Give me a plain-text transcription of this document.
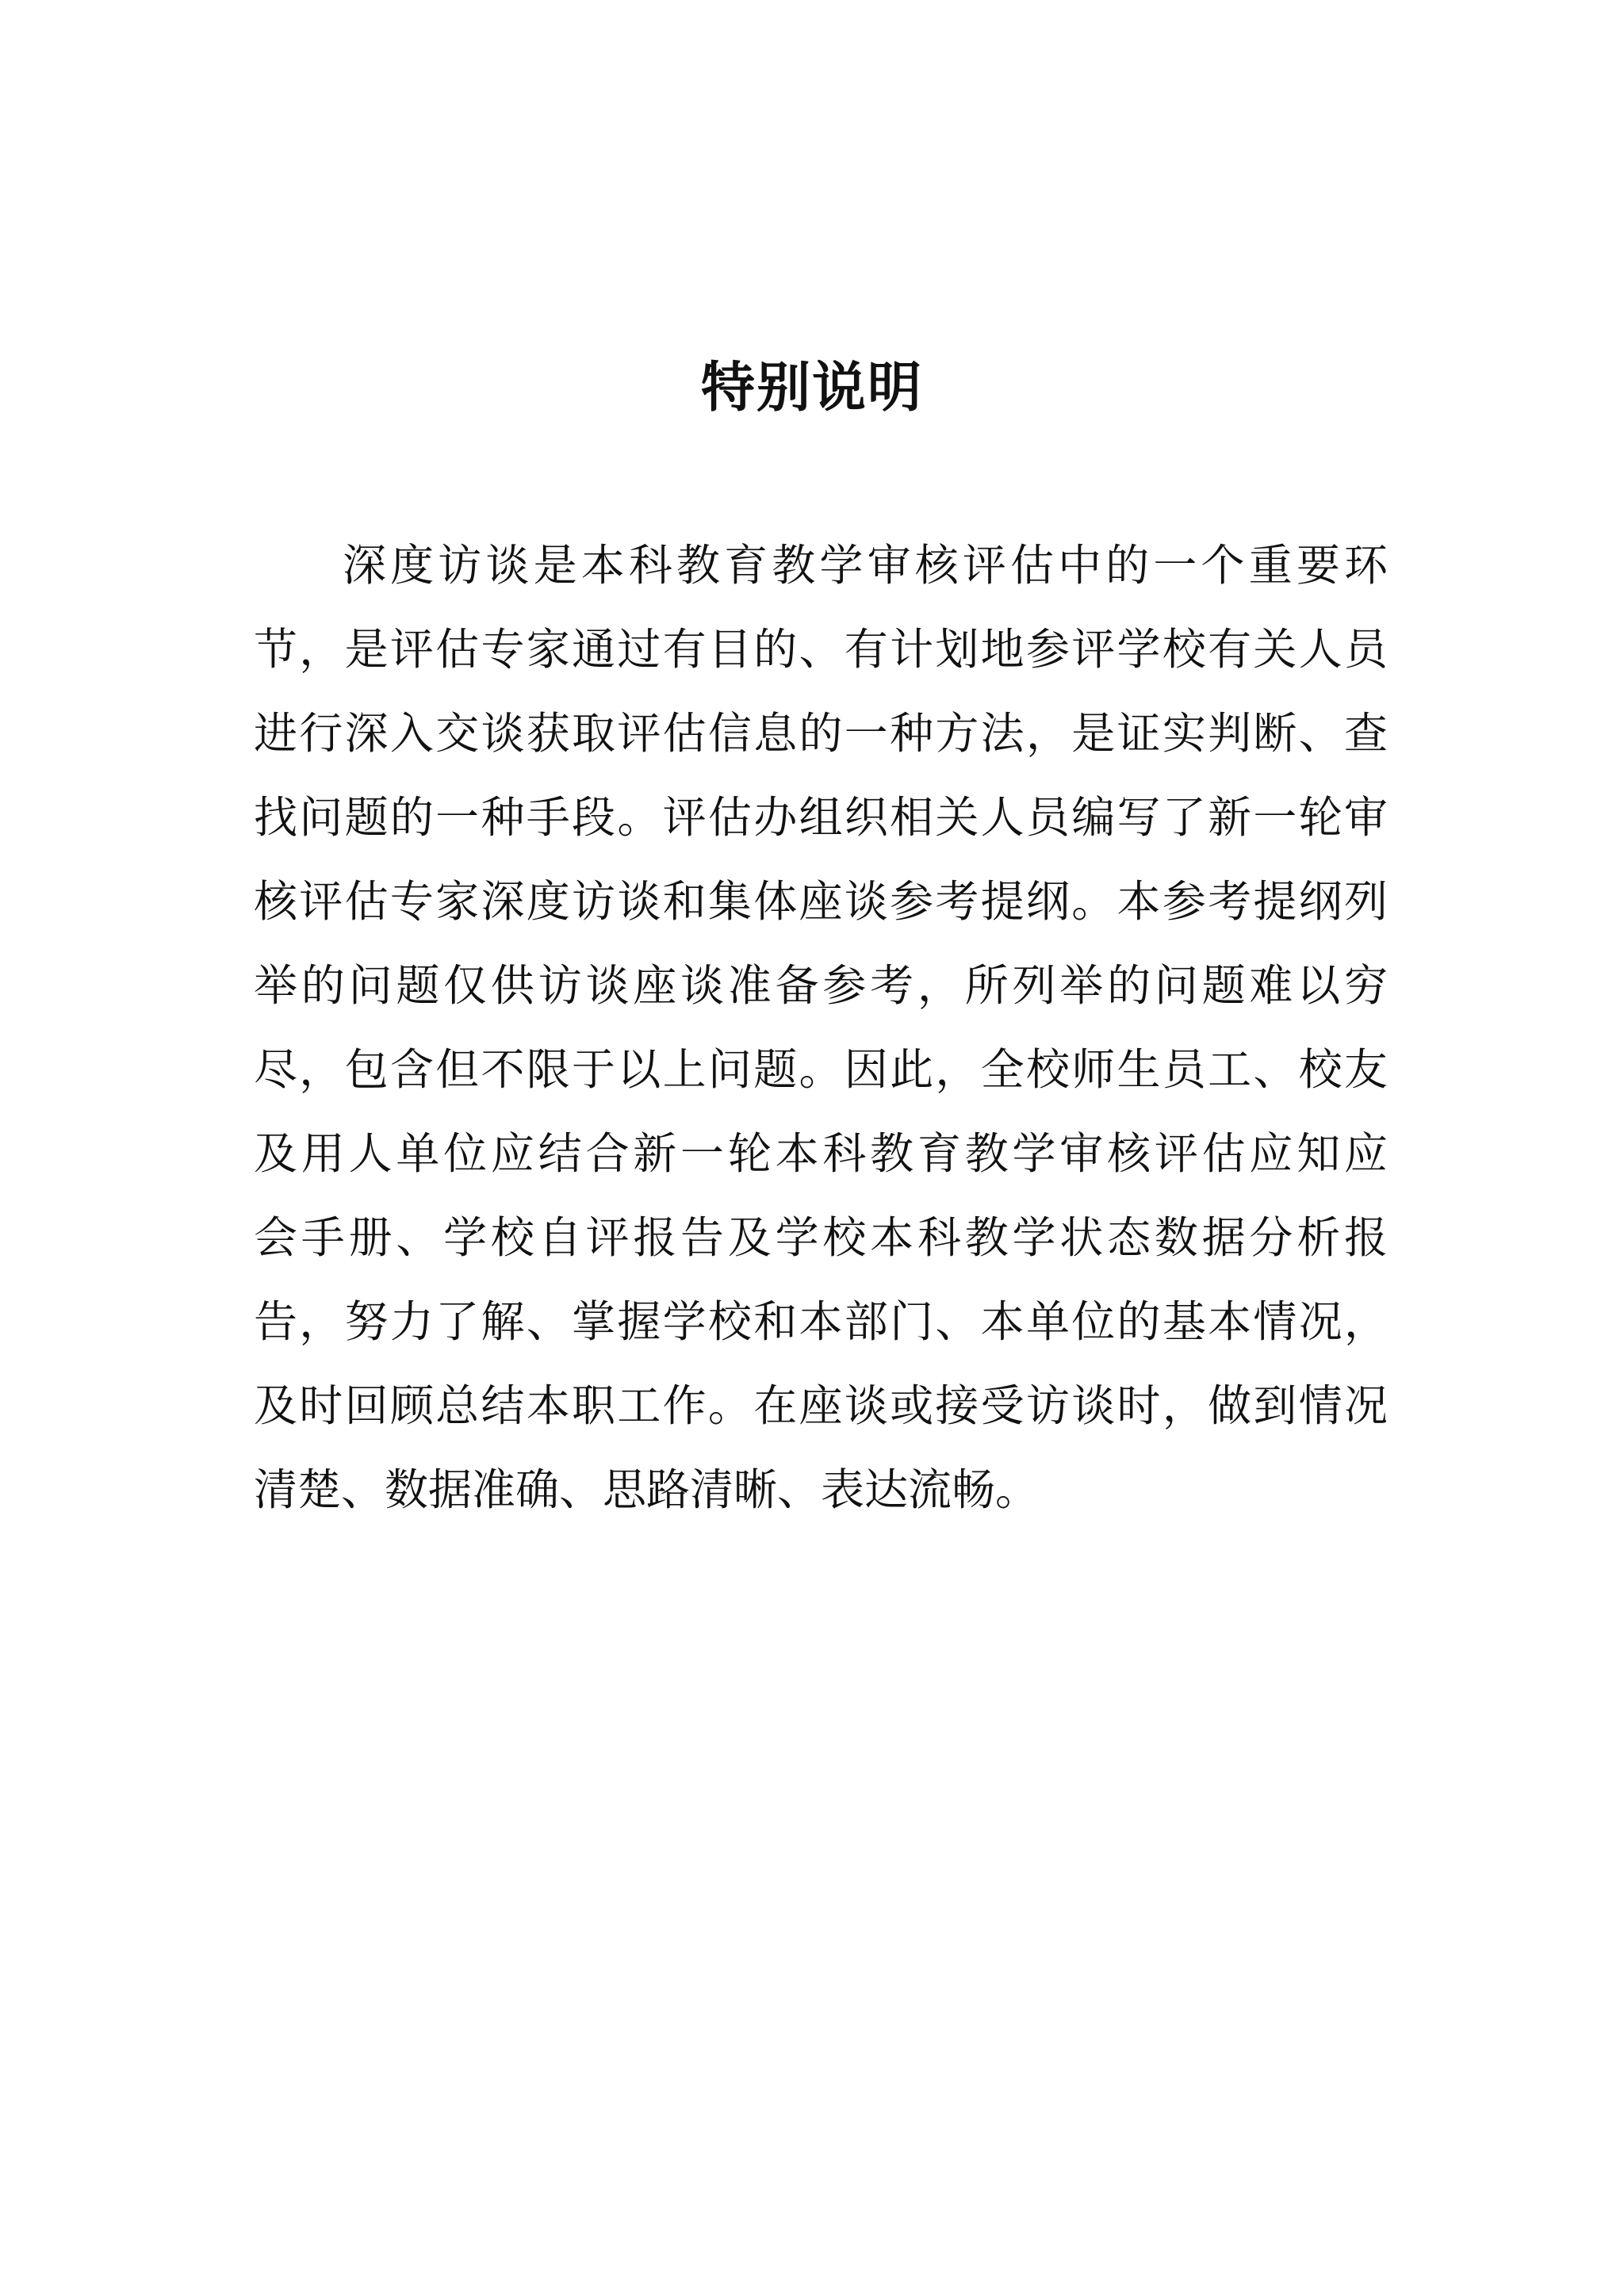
特别说明
深度访谈是本科教育教学审核评估中的一个重要环
节，是评估专家通过有目的、有计划地参评学校有关人员
进行深入交谈获取评估信息的一种方法，是证实判断、查
找问题的一种手段。评估办组织相关人员编写了新一轮审
核评估专家深度访谈和集体座谈参考提纲。本参考提纲列
举的问题仅供访谈座谈准备参考，所列举的问题难以穷
尽，包含但不限于以上问题。因此，全校师生员工、校友
及用人单位应结合新一轮本科教育教学审核评估应知应
会手册、学校自评报告及学校本科教学状态数据分析报
告，努力了解、掌握学校和本部门、本单位的基本情况，
及时回顾总结本职工作。在座谈或接受访谈时，做到情况
清楚、数据准确、思路清晰、表达流畅。
